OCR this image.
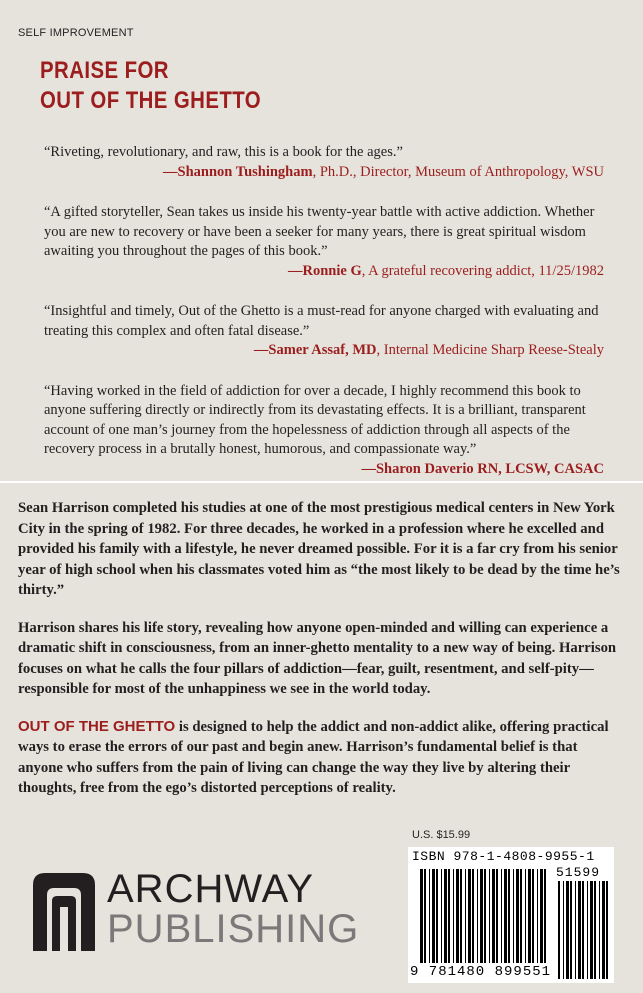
SELF IMPROVEMENT
PRAISE FOR
OUT OF THE GHETTO

“Riveting, revolutionary, and raw, this is a book for the ages.”
—Shannon Tushingham, Ph.D., Director, Museum of Anthropology, WSU

“A gifted storyteller, Sean takes us inside his twenty-year battle with active addiction. Whether you are new to recovery or have been a seeker for many years, there is great spiritual wisdom awaiting you throughout the pages of this book.”
—Ronnie G, A grateful recovering addict, 11/25/1982

“Insightful and timely, Out of the Ghetto is a must-read for anyone charged with evaluating and treating this complex and often fatal disease.”
—Samer Assaf, MD, Internal Medicine Sharp Reese-Stealy

“Having worked in the field of addiction for over a decade, I highly recommend this book to anyone suffering directly or indirectly from its devastating effects. It is a brilliant, transparent account of one man’s journey from the hopelessness of addiction through all aspects of the recovery process in a brutally honest, humorous, and compassionate way.”
—Sharon Daverio RN, LCSW, CASAC

Sean Harrison completed his studies at one of the most prestigious medical centers in New York City in the spring of 1982. For three decades, he worked in a profession where he excelled and provided his family with a lifestyle, he never dreamed possible. For it is a far cry from his senior year of high school when his classmates voted him as “the most likely to be dead by the time he’s thirty.”

Harrison shares his life story, revealing how anyone open-minded and willing can experience a dramatic shift in consciousness, from an inner-ghetto mentality to a new way of being. Harrison focuses on what he calls the four pillars of addiction—fear, guilt, resentment, and self-pity—responsible for most of the unhappiness we see in the world today.

OUT OF THE GHETTO is designed to help the addict and non-addict alike, offering practical ways to erase the errors of our past and begin anew. Harrison’s fundamental belief is that anyone who suffers from the pain of living can change the way they live by altering their thoughts, free from the ego’s distorted perceptions of reality.

ARCHWAY
PUBLISHING
U.S. $15.99
ISBN 978-1-4808-9955-1
51599
9 781480 899551
